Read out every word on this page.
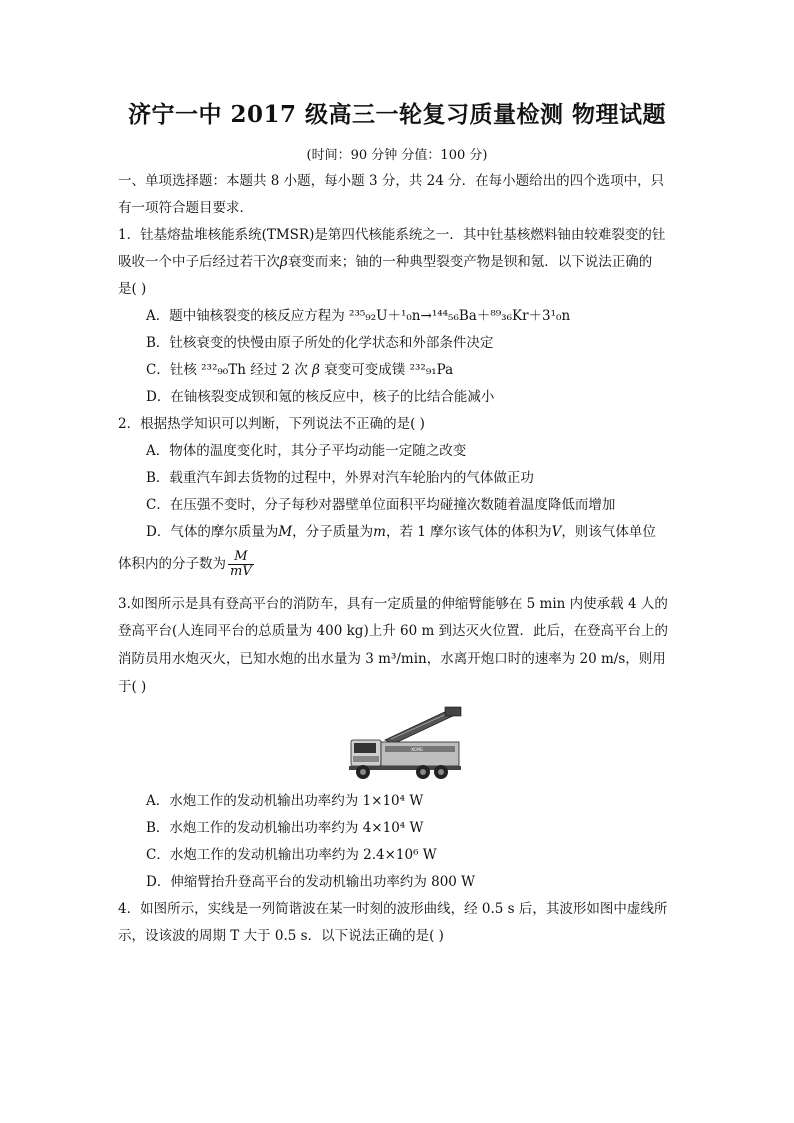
济宁一中 2017 级高三一轮复习质量检测 物理试题
(时间：90 分钟 分值：100 分)
一、单项选择题：本题共 8 小题，每小题 3 分，共 24 分．在每小题给出的四个选项中，只
有一项符合题目要求．
1．钍基熔盐堆核能系统(TMSR)是第四代核能系统之一．其中钍基核燃料铀由较难裂变的钍
吸收一个中子后经过若干次β衰变而来；铀的一种典型裂变产物是钡和氪．以下说法正确的
是( )
A．题中铀核裂变的核反应方程为 ²³⁵₉₂U＋¹₀n→¹⁴⁴₅₆Ba＋⁸⁹₃₆Kr＋3¹₀n
B．钍核衰变的快慢由原子所处的化学状态和外部条件决定
C．钍核 ²³²₉₀Th 经过 2 次 β 衰变可变成镤 ²³²₉₁Pa
D．在铀核裂变成钡和氪的核反应中，核子的比结合能减小
2．根据热学知识可以判断，下列说法不正确的是( )
A．物体的温度变化时，其分子平均动能一定随之改变
B．载重汽车卸去货物的过程中，外界对汽车轮胎内的气体做正功
C．在压强不变时，分子每秒对器壁单位面积平均碰撞次数随着温度降低而增加
D．气体的摩尔质量为M，分子质量为m，若 1 摩尔该气体的体积为V，则该气体单位
体积内的分子数为 $\frac{M}{mV}$
3.如图所示是具有登高平台的消防车，具有一定质量的伸缩臂能够在 5 min 内使承载 4 人的
登高平台(人连同平台的总质量为 400 kg)上升 60 m 到达灭火位置．此后，在登高平台上的
消防员用水炮灭火，已知水炮的出水量为 3 m³/min，水离开炮口时的速率为 20 m/s，则用
于( )
XCMG
A．水炮工作的发动机输出功率约为 1×10⁴ W
B．水炮工作的发动机输出功率约为 4×10⁴ W
C．水炮工作的发动机输出功率约为 2.4×10⁶ W
D．伸缩臂抬升登高平台的发动机输出功率约为 800 W
4．如图所示，实线是一列简谐波在某一时刻的波形曲线，经 0.5 s 后，其波形如图中虚线所
示，设该波的周期 T 大于 0.5 s．以下说法正确的是( )
